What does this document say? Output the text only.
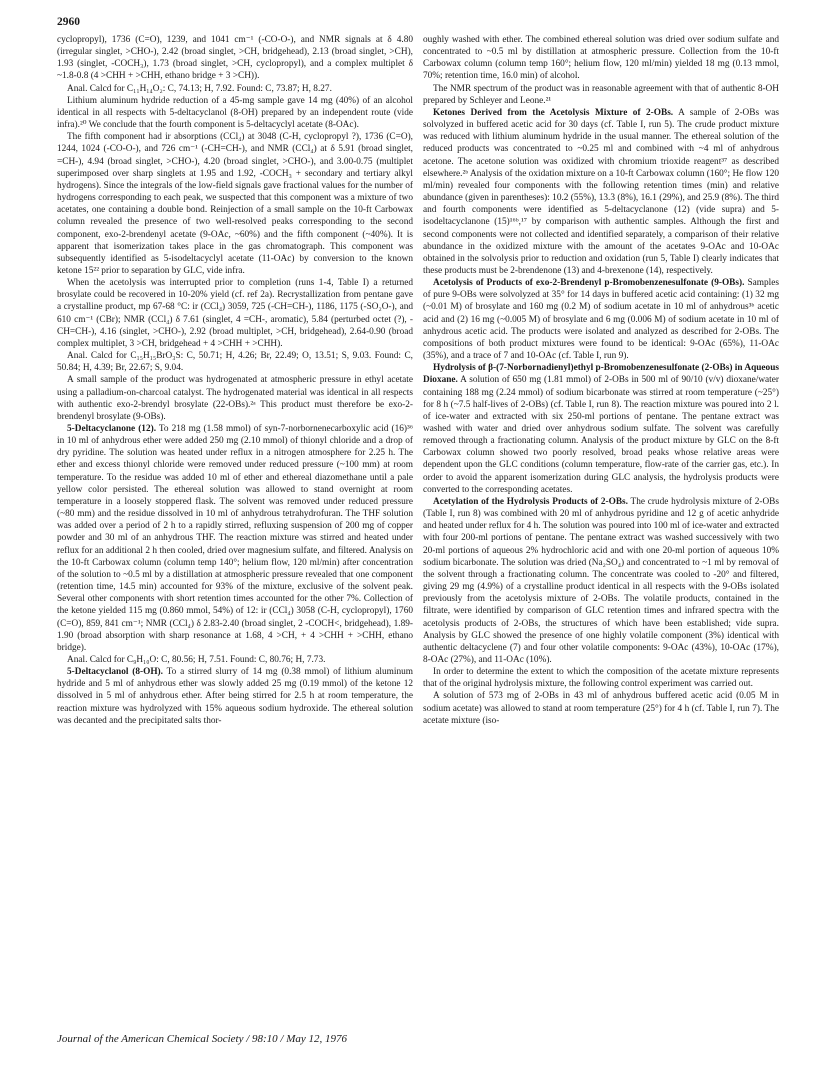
2960

cyclopropyl), 1736 (C=O), 1239, and 1041 cm⁻¹ (-CO-O-), and NMR signals at δ 4.80 (irregular singlet, >CHO-), 2.42 (broad singlet, >CH, bridgehead), 2.13 (broad singlet, >CH), 1.93 (singlet, -COCH₃), 1.73 (broad singlet, >CH, cyclopropyl), and a complex multiplet δ ~1.8-0.8 (4 >CHH + >CHH, ethano bridge + 3 >CH)).

Anal. Calcd for C₁₁H₁₄O₂: C, 74.13; H, 7.92. Found: C, 73.87; H, 8.27.

Lithium aluminum hydride reduction of a 45-mg sample gave 14 mg (40%) of an alcohol identical in all respects with 5-deltacyclanol (8-OH) prepared by an independent route (vide infra).²⁰ We conclude that the fourth component is 5-deltacyclyl acetate (8-OAc).

The fifth component had ir absorptions (CCl₄) at 3048 (C-H, cyclopropyl ?), 1736 (C=O), 1244, 1024 (-CO-O-), and 726 cm⁻¹ (-CH=CH-), and NMR (CCl₄) at δ 5.91 (broad singlet, =CH-), 4.94 (broad singlet, >CHO-), 4.20 (broad singlet, >CHO-), and 3.00-0.75 (multiplet superimposed over sharp singlets at 1.95 and 1.92, -COCH₃ + secondary and tertiary alkyl hydrogens). Since the integrals of the low-field signals gave fractional values for the number of hydrogens corresponding to each peak, we suspected that this component was a mixture of two acetates, one containing a double bond. Reinjection of a small sample on the 10-ft Carbowax column revealed the presence of two well-resolved peaks corresponding to the second component, exo-2-brendenyl acetate (9-OAc, ~60%) and the fifth component (~40%). It is apparent that isomerization takes place in the gas chromatograph. This component was subsequently identified as 5-isodeltacyclyl acetate (11-OAc) by conversion to the known ketone 15²² prior to separation by GLC, vide infra.

When the acetolysis was interrupted prior to completion (runs 1-4, Table I) a returned brosylate could be recovered in 10-20% yield (cf. ref 2a). Recrystallization from pentane gave a crystalline product, mp 67-68 °C: ir (CCl₄) 3059, 725 (-CH=CH-), 1186, 1175 (-SO₂O-), and 610 cm⁻¹ (CBr); NMR (CCl₄) δ 7.61 (singlet, 4 =CH-, aromatic), 5.84 (perturbed octet (?), -CH=CH-), 4.16 (singlet, >CHO-), 2.92 (broad multiplet, >CH, bridgehead), 2.64-0.90 (broad complex multiplet, 3 >CH, bridgehead + 4 >CHH + >CHH).

Anal. Calcd for C₁₅H₁₅BrO₃S: C, 50.71; H, 4.26; Br, 22.49; O, 13.51; S, 9.03. Found: C, 50.84; H, 4.39; Br, 22.67; S, 9.04.

A small sample of the product was hydrogenated at atmospheric pressure in ethyl acetate using a palladium-on-charcoal catalyst. The hydrogenated material was identical in all respects with authentic exo-2-brendyl brosylate (22-OBs).²ᵃ This product must therefore be exo-2-brendenyl brosylate (9-OBs).

5-Deltacyclanone (12). To 218 mg (1.58 mmol) of syn-7-norbornenecarboxylic acid (16)³⁶ in 10 ml of anhydrous ether were added 250 mg (2.10 mmol) of thionyl chloride and a drop of dry pyridine. The solution was heated under reflux in a nitrogen atmosphere for 2.25 h. The ether and excess thionyl chloride were removed under reduced pressure (~100 mm) at room temperature. To the residue was added 10 ml of ether and ethereal diazomethane until a pale yellow color persisted. The ethereal solution was allowed to stand overnight at room temperature in a loosely stoppered flask. The solvent was removed under reduced pressure (~80 mm) and the residue dissolved in 10 ml of anhydrous tetrahydrofuran. The THF solution was added over a period of 2 h to a rapidly stirred, refluxing suspension of 200 mg of copper powder and 30 ml of an anhydrous THF. The reaction mixture was stirred and heated under reflux for an additional 2 h then cooled, dried over magnesium sulfate, and filtered. Analysis on the 10-ft Carbowax column (column temp 140°; helium flow, 120 ml/min) after concentration of the solution to ~0.5 ml by a distillation at atmospheric pressure revealed that one component (retention time, 14.5 min) accounted for 93% of the mixture, exclusive of the solvent peak. Several other components with short retention times accounted for the other 7%. Collection of the ketone yielded 115 mg (0.860 mmol, 54%) of 12: ir (CCl₄) 3058 (C-H, cyclopropyl), 1760 (C=O), 859, 841 cm⁻¹; NMR (CCl₄) δ 2.83-2.40 (broad singlet, 2 -COCH<, bridgehead), 1.89-1.90 (broad absorption with sharp resonance at 1.68, 4 >CH, + 4 >CHH + >CHH, ethano bridge).

Anal. Calcd for C₉H₁₀O: C, 80.56; H, 7.51. Found: C, 80.76; H, 7.73.

5-Deltacyclanol (8-OH). To a stirred slurry of 14 mg (0.38 mmol) of lithium aluminum hydride and 5 ml of anhydrous ether was slowly added 25 mg (0.19 mmol) of the ketone 12 dissolved in 5 ml of anhydrous ether. After being stirred for 2.5 h at room temperature, the reaction mixture was hydrolyzed with 15% aqueous sodium hydroxide. The ethereal solution was decanted and the precipitated salts thor-

oughly washed with ether. The combined ethereal solution was dried over sodium sulfate and concentrated to ~0.5 ml by distillation at atmospheric pressure. Collection from the 10-ft Carbowax column (column temp 160°; helium flow, 120 ml/min) yielded 18 mg (0.13 mmol, 70%; retention time, 16.0 min) of alcohol.

The NMR spectrum of the product was in reasonable agreement with that of authentic 8-OH prepared by Schleyer and Leone.²¹

Ketones Derived from the Acetolysis Mixture of 2-OBs. A sample of 2-OBs was solvolyzed in buffered acetic acid for 30 days (cf. Table I, run 5). The crude product mixture was reduced with lithium aluminum hydride in the usual manner. The ethereal solution of the reduced products was concentrated to ~0.25 ml and combined with ~4 ml of anhydrous acetone. The acetone solution was oxidized with chromium trioxide reagent³⁷ as described elsewhere.²ᵇ Analysis of the oxidation mixture on a 10-ft Carbowax column (160°; He flow 120 ml/min) revealed four components with the following retention times (min) and relative abundance (given in parentheses): 10.2 (55%), 13.3 (8%), 16.1 (29%), and 25.9 (8%). The third and fourth components were identified as 5-deltacyclanone (12) (vide supra) and 5-isodeltacyclanone (15)¹⁶ᵇ,¹⁷ by comparison with authentic samples. Although the first and second components were not collected and identified separately, a comparison of their relative abundance in the oxidized mixture with the amount of the acetates 9-OAc and 10-OAc obtained in the solvolysis prior to reduction and oxidation (run 5, Table I) clearly indicates that these products must be 2-brendenone (13) and 4-brexenone (14), respectively.

Acetolysis of Products of exo-2-Brendenyl p-Bromobenzenesulfonate (9-OBs). Samples of pure 9-OBs were solvolyzed at 35° for 14 days in buffered acetic acid containing: (1) 32 mg (~0.01 M) of brosylate and 160 mg (0.2 M) of sodium acetate in 10 ml of anhydrous³ᵇ acetic acid and (2) 16 mg (~0.005 M) of brosylate and 6 mg (0.006 M) of sodium acetate in 10 ml of anhydrous acetic acid. The products were isolated and analyzed as described for 2-OBs. The compositions of both product mixtures were found to be identical: 9-OAc (65%), 11-OAc (35%), and a trace of 7 and 10-OAc (cf. Table I, run 9).

Hydrolysis of β-(7-Norbornadienyl)ethyl p-Bromobenzenesulfonate (2-OBs) in Aqueous Dioxane. A solution of 650 mg (1.81 mmol) of 2-OBs in 500 ml of 90/10 (v/v) dioxane/water containing 188 mg (2.24 mmol) of sodium bicarbonate was stirred at room temperature (~25°) for 8 h (~7.5 half-lives of 2-OBs) (cf. Table I, run 8). The reaction mixture was poured into 2 l. of ice-water and extracted with six 250-ml portions of pentane. The pentane extract was washed with water and dried over anhydrous sodium sulfate. The solvent was carefully removed through a fractionating column. Analysis of the product mixture by GLC on the 8-ft Carbowax column showed two poorly resolved, broad peaks whose relative areas were dependent upon the GLC conditions (column temperature, flow-rate of the carrier gas, etc.). In order to avoid the apparent isomerization during GLC analysis, the hydrolysis products were converted to the corresponding acetates.

Acetylation of the Hydrolysis Products of 2-OBs. The crude hydrolysis mixture of 2-OBs (Table I, run 8) was combined with 20 ml of anhydrous pyridine and 12 g of acetic anhydride and heated under reflux for 4 h. The solution was poured into 100 ml of ice-water and extracted with four 200-ml portions of pentane. The pentane extract was washed successively with two 20-ml portions of aqueous 2% hydrochloric acid and with one 20-ml portion of aqueous 10% sodium bicarbonate. The solution was dried (Na₂SO₄) and concentrated to ~1 ml by removal of the solvent through a fractionating column. The concentrate was cooled to -20° and filtered, giving 29 mg (4.9%) of a crystalline product identical in all respects with the 9-OBs isolated previously from the acetolysis mixture of 2-OBs. The volatile products, contained in the filtrate, were identified by comparison of GLC retention times and infrared spectra with the acetolysis products of 2-OBs, the structures of which have been established; vide supra. Analysis by GLC showed the presence of one highly volatile component (3%) identical with authentic deltacyclene (7) and four other volatile components: 9-OAc (43%), 10-OAc (17%), 8-OAc (27%), and 11-OAc (10%).

In order to determine the extent to which the composition of the acetate mixture represents that of the original hydrolysis mixture, the following control experiment was carried out.

A solution of 573 mg of 2-OBs in 43 ml of anhydrous buffered acetic acid (0.05 M in sodium acetate) was allowed to stand at room temperature (25°) for 4 h (cf. Table I, run 7). The acetate mixture (iso-

Journal of the American Chemical Society / 98:10 / May 12, 1976
